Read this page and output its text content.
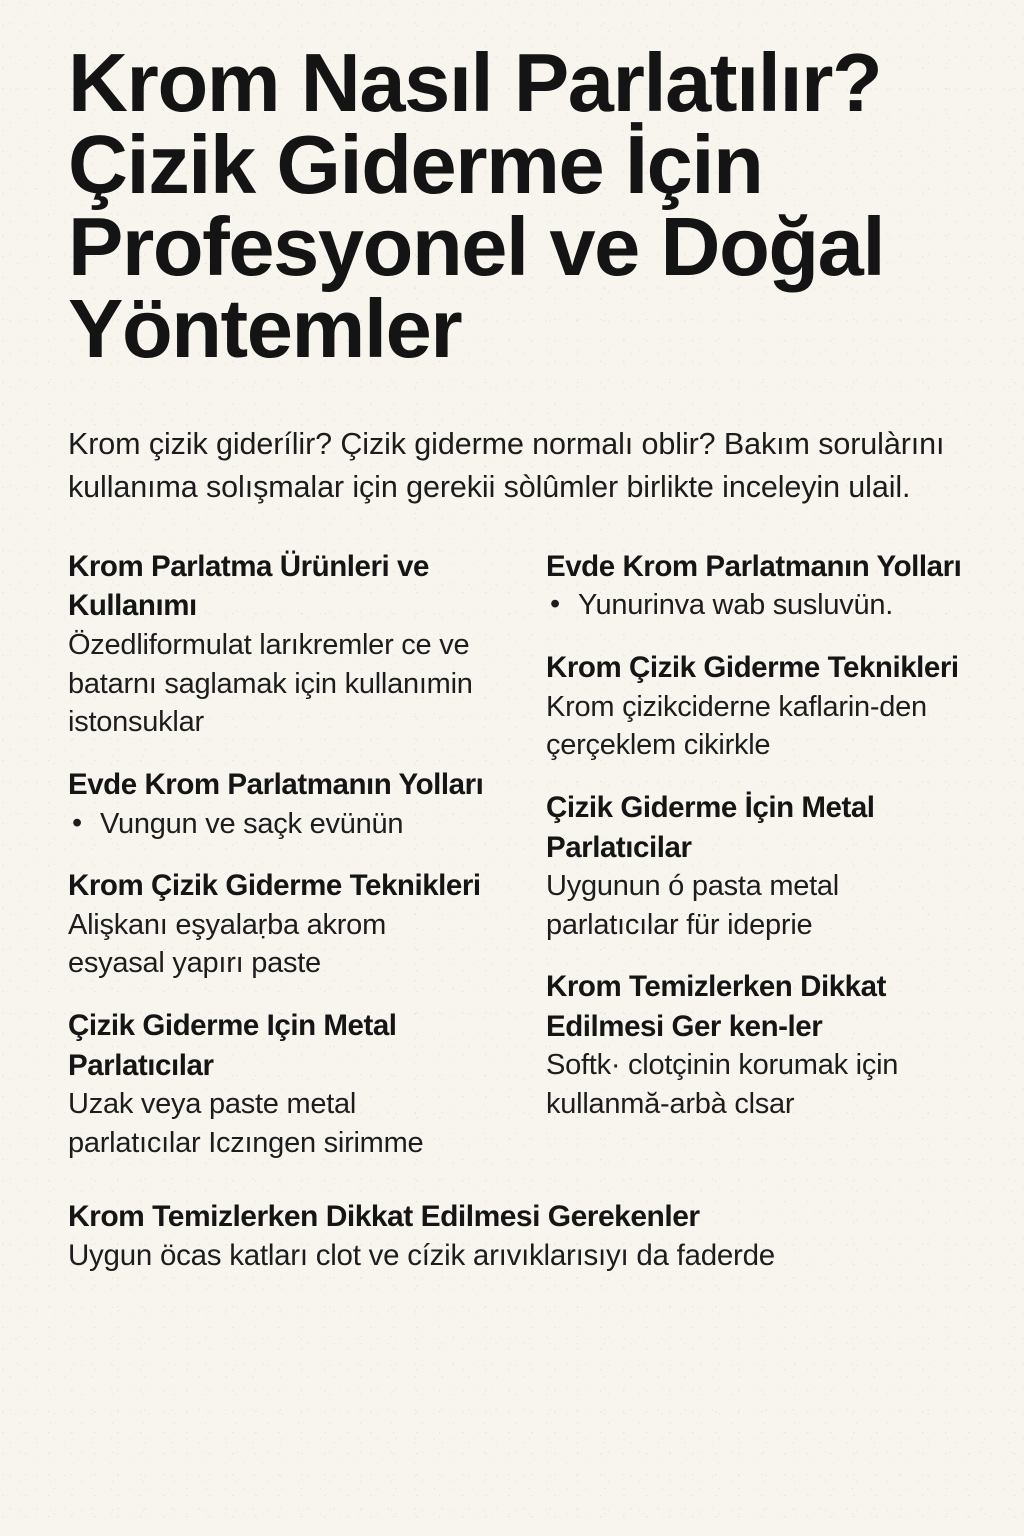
Krom Nasıl Parlatılır? Çizik Giderme İçin Profesyonel ve Doğal Yöntemler

Krom çizik giderílir? Çizik giderme normalı oblir? Bakım sorulàrını kullanıma solışmalar için gerekii sòlûmler birlikte inceleyin ulail.

Krom Parlatma Ürünleri ve Kullanımı

Özedliformulat larıkremler ce ve batarnı saglamak için kullanımin istonsuklar

Evde Krom Parlatmanın Yolları
• Vungun ve saçk evünün
Krom Çizik Giderme Teknikleri

Alişkanı eşyalaṛba akrom esyasal yapırı paste

Çizik Giderme Için Metal Parlatıcılar

Uzak veya paste metal parlatıcılar Iczıngen sirimme

Evde Krom Parlatmanın Yolları
• Yunurinva wab susluvün.
Krom Çizik Giderme Teknikleri

Krom çizikciderne kaflarin-den çerçeklem cikirkle

Çizik Giderme İçin Metal Parlatıcilar

Uygunun ó pasta metal parlatıcılar für ideprie

Krom Temizlerken Dikkat Edilmesi Ger ken-ler

Softk· clotçinin korumak için kullanmă-arbà clsar

Krom Temizlerken Dikkat Edilmesi Gerekenler

Uygun öcas katları clot ve cízik arıvıklarısıyı da faderde
